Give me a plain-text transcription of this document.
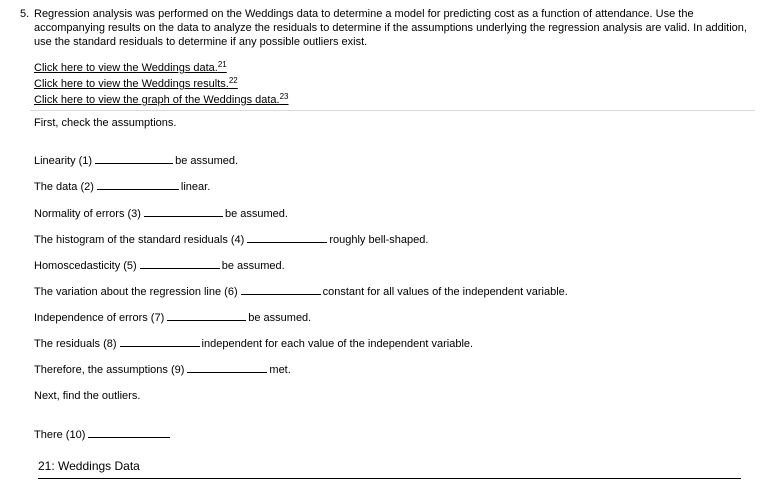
5. Regression analysis was performed on the Weddings data to determine a model for predicting cost as a function of attendance. Use the accompanying results on the data to analyze the residuals to determine if the assumptions underlying the regression analysis are valid. In addition, use the standard residuals to determine if any possible outliers exist.
Click here to view the Weddings data.$^{21}$
Click here to view the Weddings results.$^{22}$
Click here to view the graph of the Weddings data.$^{23}$
First, check the assumptions.
Linearity (1)	be assumed.
The data (2)	linear.
Normality of errors (3)	be assumed.
The histogram of the standard residuals (4)	roughly bell-shaped.
Homoscedasticity (5)	be assumed.
The variation about the regression line (6)	constant for all values of the independent variable.
Independence of errors (7)	be assumed.
The residuals (8)	independent for each value of the independent variable.
Therefore, the assumptions (9)	met.
Next, find the outliers.
There (10)
21: Weddings Data
